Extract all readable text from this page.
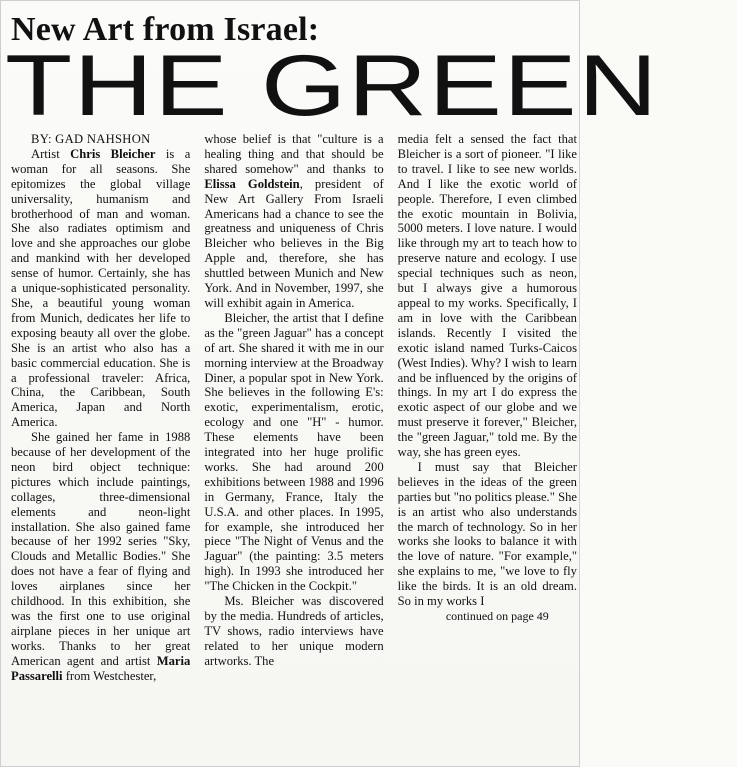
New Art from Israel:
THE GREEN

BY: GAD NAHSHON

Artist Chris Bleicher is a woman for all seasons. She epitomizes the global village universality, humanism and brotherhood of man and woman. She also radiates optimism and love and she approaches our globe and mankind with her developed sense of humor. Certainly, she has a unique-sophisticated personality. She, a beautiful young woman from Munich, dedicates her life to exposing beauty all over the globe. She is an artist who also has a basic commercial education. She is a professional traveler: Africa, China, the Caribbean, South America, Japan and North America.

She gained her fame in 1988 because of her development of the neon bird object technique: pictures which include paintings, collages, three-dimensional elements and neon-light installation. She also gained fame because of her 1992 series "Sky, Clouds and Metallic Bodies." She does not have a fear of flying and loves airplanes since her childhood. In this exhibition, she was the first one to use original airplane pieces in her unique art works. Thanks to her great American agent and artist Maria Passarelli from Westchester,

whose belief is that "culture is a healing thing and that should be shared somehow" and thanks to Elissa Goldstein, president of New Art Gallery From Israeli Americans had a chance to see the greatness and uniqueness of Chris Bleicher who believes in the Big Apple and, therefore, she has shuttled between Munich and New York. And in November, 1997, she will exhibit again in America.

Bleicher, the artist that I define as the "green Jaguar" has a concept of art. She shared it with me in our morning interview at the Broadway Diner, a popular spot in New York. She believes in the following E's: exotic, experimentalism, erotic, ecology and one "H" - humor. These elements have been integrated into her huge prolific works. She had around 200 exhibitions between 1988 and 1996 in Germany, France, Italy the U.S.A. and other places. In 1995, for example, she introduced her piece "The Night of Venus and the Jaguar" (the painting: 3.5 meters high). In 1993 she introduced her "The Chicken in the Cockpit."

Ms. Bleicher was discovered by the media. Hundreds of articles, TV shows, radio interviews have related to her unique modern artworks. The

media felt a sensed the fact that Bleicher is a sort of pioneer. "I like to travel. I like to see new worlds. And I like the exotic world of people. Therefore, I even climbed the exotic mountain in Bolivia, 5000 meters. I love nature. I would like through my art to teach how to preserve nature and ecology. I use special techniques such as neon, but I always give a humorous appeal to my works. Specifically, I am in love with the Caribbean islands. Recently I visited the exotic island named Turks-Caicos (West Indies). Why? I wish to learn and be influenced by the origins of things. In my art I do express the exotic aspect of our globe and we must preserve it forever," Bleicher, the "green Jaguar," told me. By the way, she has green eyes.

I must say that Bleicher believes in the ideas of the green parties but "no politics please." She is an artist who also understands the march of technology. So in her works she looks to balance it with the love of nature. "For example," she explains to me, "we love to fly like the birds. It is an old dream. So in my works I

continued on page 49
